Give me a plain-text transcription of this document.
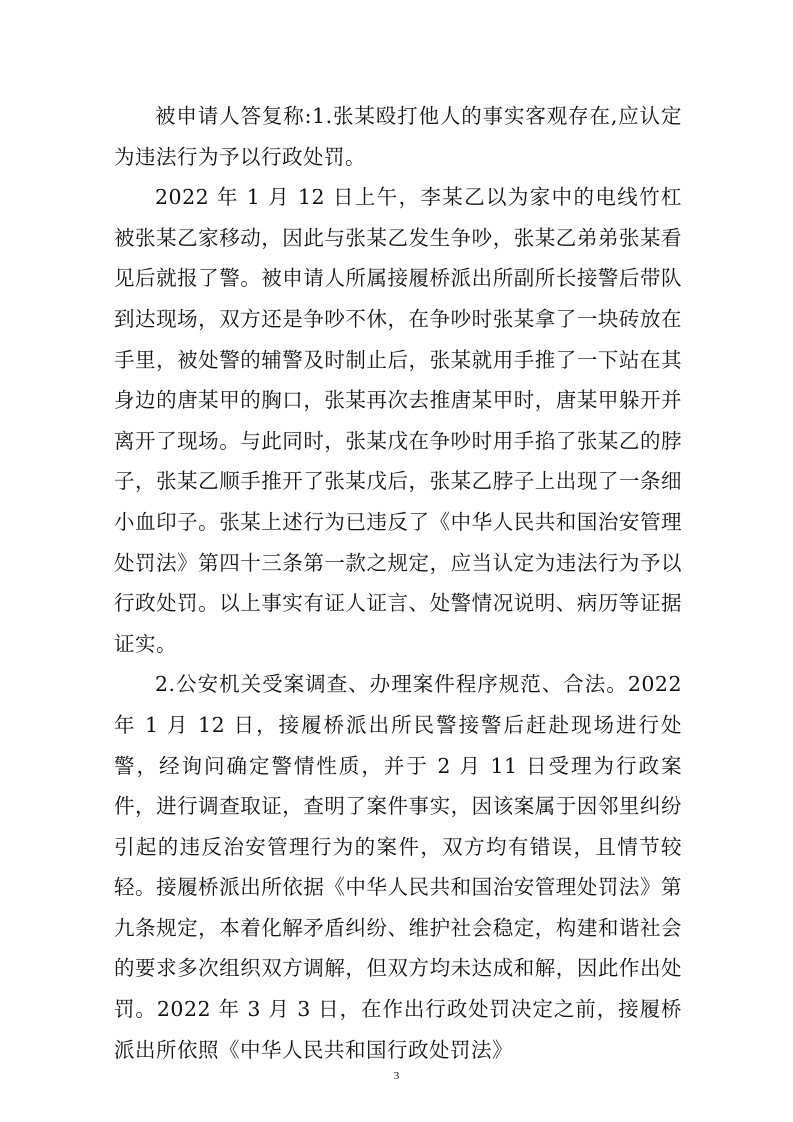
被申请人答复称:1.张某殴打他人的事实客观存在,应认定为违法行为予以行政处罚。

2022 年 1 月 12 日上午，李某乙以为家中的电线竹杠被张某乙家移动，因此与张某乙发生争吵，张某乙弟弟张某看见后就报了警。被申请人所属接履桥派出所副所长接警后带队到达现场，双方还是争吵不休，在争吵时张某拿了一块砖放在手里，被处警的辅警及时制止后，张某就用手推了一下站在其身边的唐某甲的胸口，张某再次去推唐某甲时，唐某甲躲开并离开了现场。与此同时，张某戊在争吵时用手掐了张某乙的脖子，张某乙顺手推开了张某戊后，张某乙脖子上出现了一条细小血印子。张某上述行为已违反了《中华人民共和国治安管理处罚法》第四十三条第一款之规定，应当认定为违法行为予以行政处罚。以上事实有证人证言、处警情况说明、病历等证据证实。

2.公安机关受案调查、办理案件程序规范、合法。2022 年 1 月 12 日，接履桥派出所民警接警后赶赴现场进行处警，经询问确定警情性质，并于 2 月 11 日受理为行政案件，进行调查取证，查明了案件事实，因该案属于因邻里纠纷引起的违反治安管理行为的案件，双方均有错误，且情节较轻。接履桥派出所依据《中华人民共和国治安管理处罚法》第九条规定，本着化解矛盾纠纷、维护社会稳定，构建和谐社会的要求多次组织双方调解，但双方均未达成和解，因此作出处罚。2022 年 3 月 3 日，在作出行政处罚决定之前，接履桥派出所依照《中华人民共和国行政处罚法》

3
